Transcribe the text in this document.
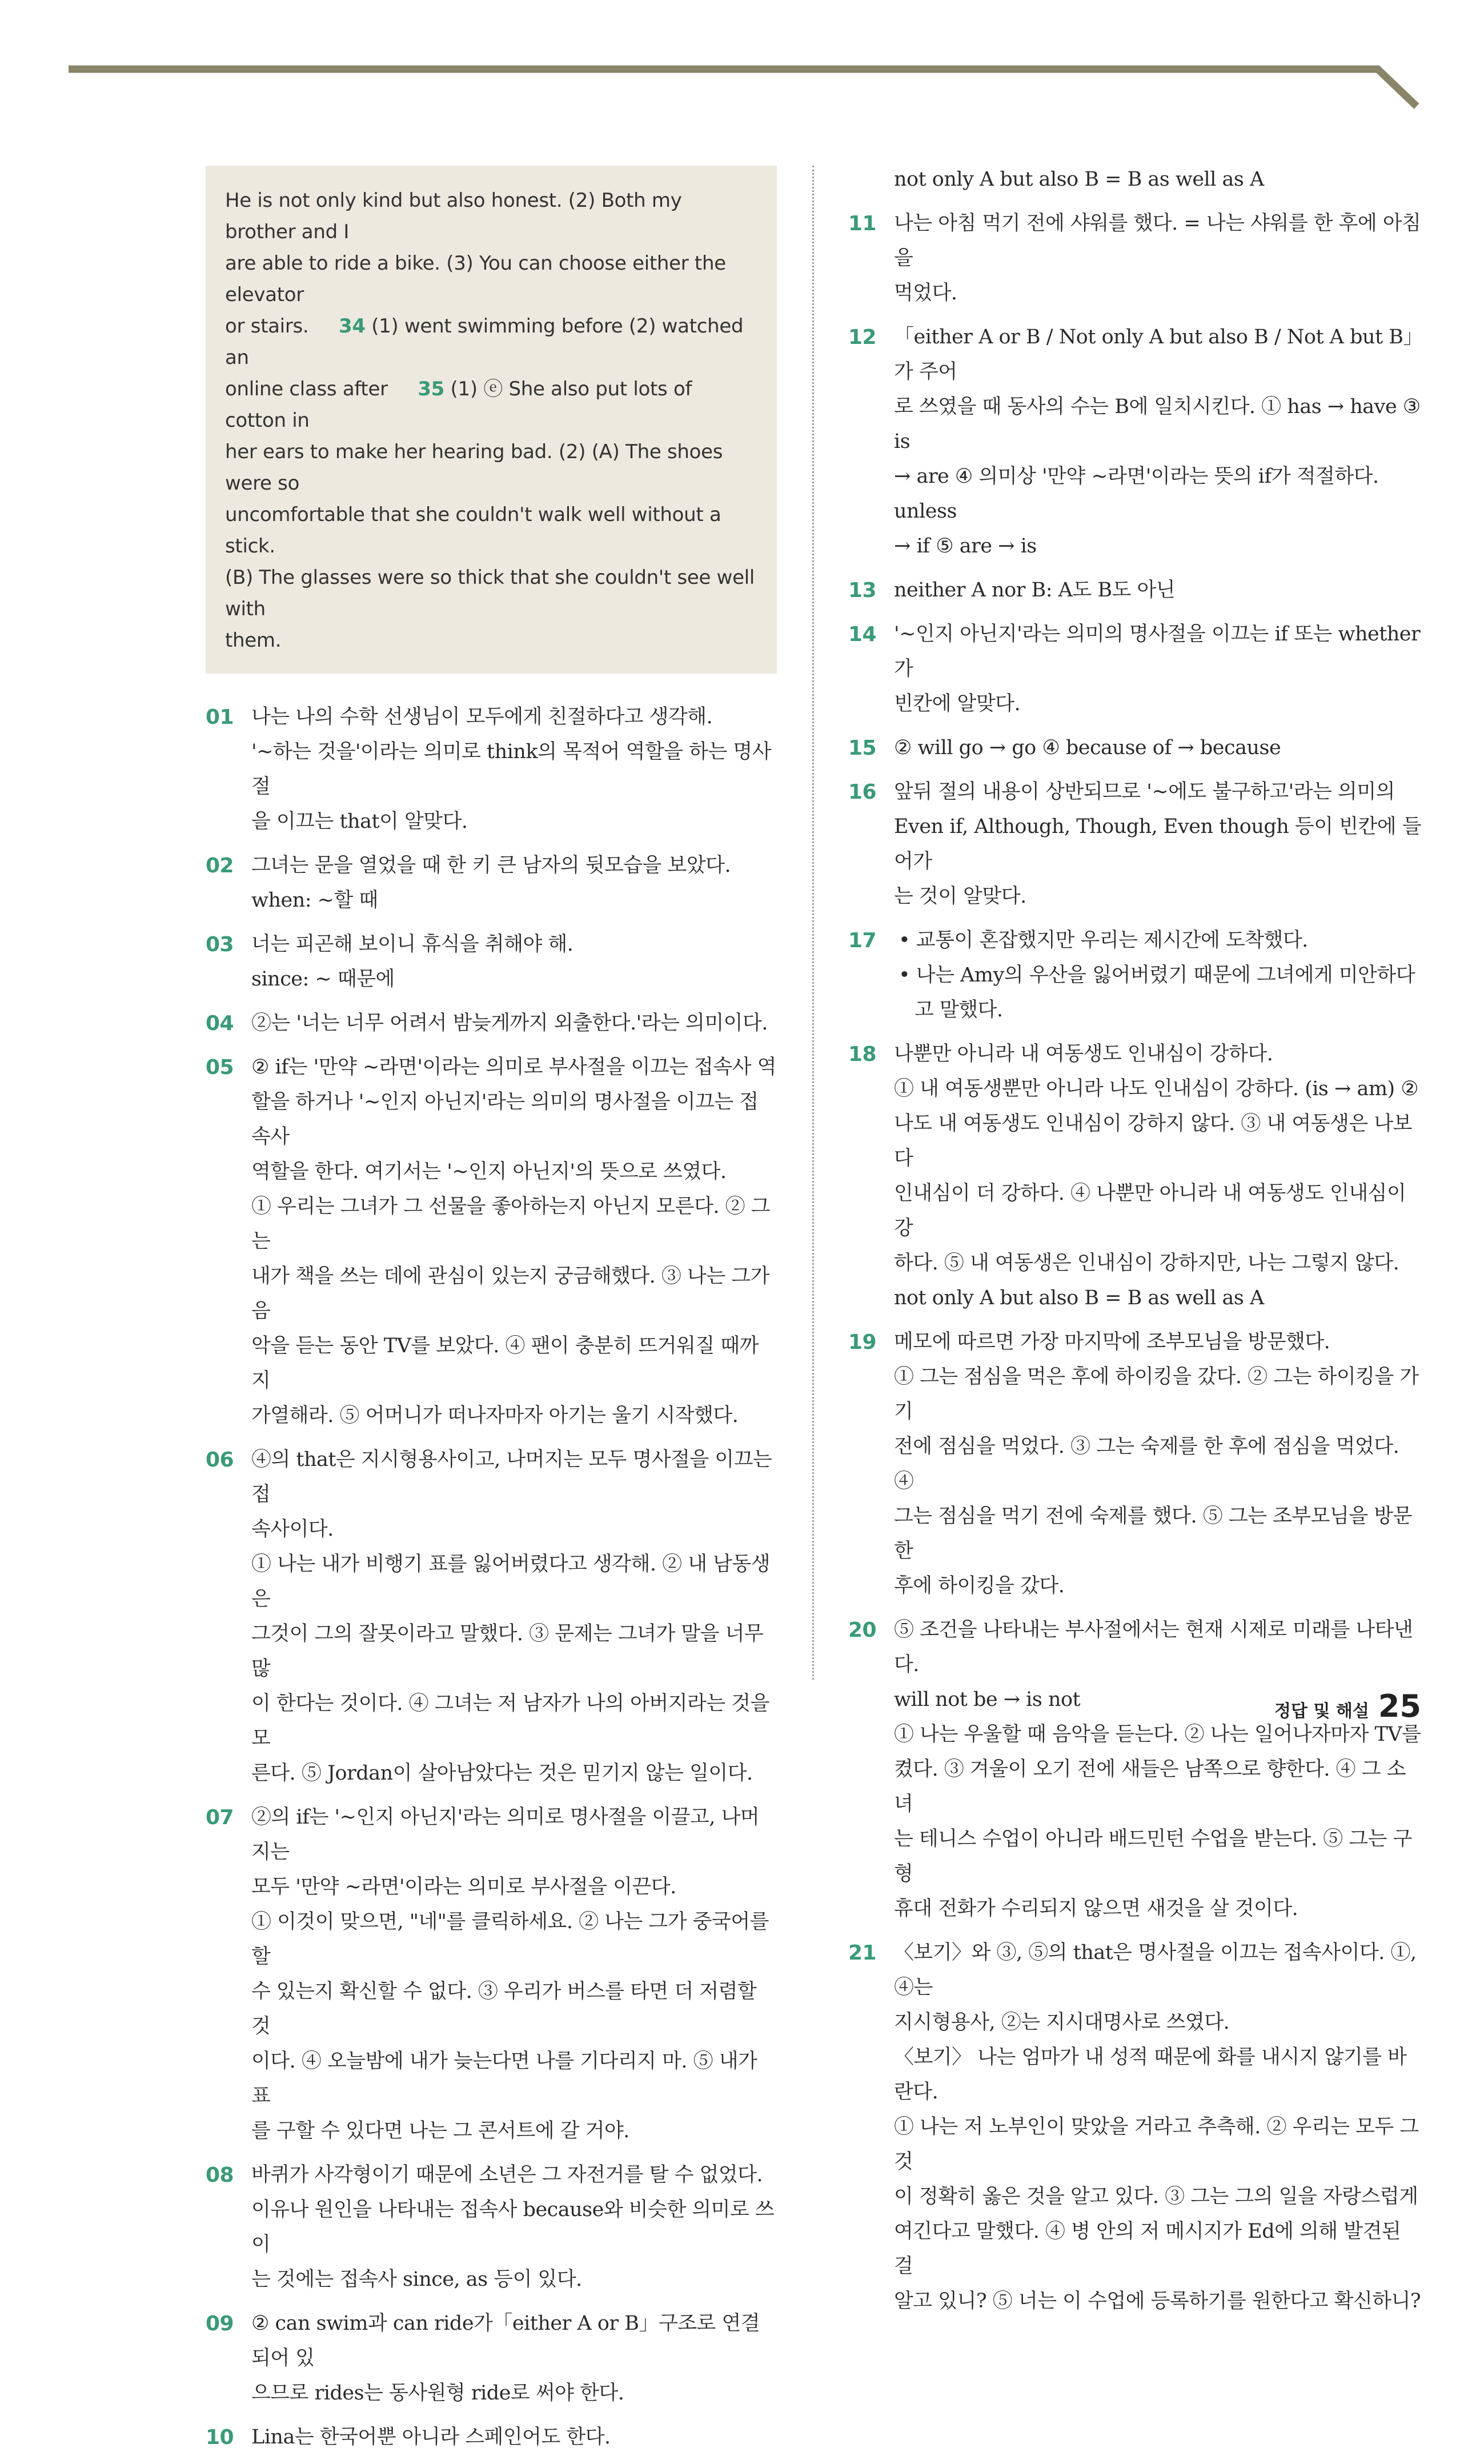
He is not only kind but also honest. (2) Both my brother and I
are able to ride a bike. (3) You can choose either the elevator
or stairs. 34 (1) went swimming before (2) watched an
online class after 35 (1) ⓔ She also put lots of cotton in
her ears to make her hearing bad. (2) (A) The shoes were so
uncomfortable that she couldn't walk well without a stick.
(B) The glasses were so thick that she couldn't see well with
them.
01 나는 나의 수학 선생님이 모두에게 친절하다고 생각해.
'~하는 것을'이라는 의미로 think의 목적어 역할을 하는 명사절
을 이끄는 that이 알맞다.
02 그녀는 문을 열었을 때 한 키 큰 남자의 뒷모습을 보았다.
when: ~할 때
03 너는 피곤해 보이니 휴식을 취해야 해.
since: ~ 때문에
04 ②는 '너는 너무 어려서 밤늦게까지 외출한다.'라는 의미이다.
05 ② if는 '만약 ~라면'이라는 의미로 부사절을 이끄는 접속사 역
할을 하거나 '~인지 아닌지'라는 의미의 명사절을 이끄는 접속사
역할을 한다. 여기서는 '~인지 아닌지'의 뜻으로 쓰였다.
① 우리는 그녀가 그 선물을 좋아하는지 아닌지 모른다. ② 그는
내가 책을 쓰는 데에 관심이 있는지 궁금해했다. ③ 나는 그가 음
악을 듣는 동안 TV를 보았다. ④ 팬이 충분히 뜨거워질 때까지
가열해라. ⑤ 어머니가 떠나자마자 아기는 울기 시작했다.
06 ④의 that은 지시형용사이고, 나머지는 모두 명사절을 이끄는 접
속사이다.
① 나는 내가 비행기 표를 잃어버렸다고 생각해. ② 내 남동생은
그것이 그의 잘못이라고 말했다. ③ 문제는 그녀가 말을 너무 많
이 한다는 것이다. ④ 그녀는 저 남자가 나의 아버지라는 것을 모
른다. ⑤ Jordan이 살아남았다는 것은 믿기지 않는 일이다.
07 ②의 if는 '~인지 아닌지'라는 의미로 명사절을 이끌고, 나머지는
모두 '만약 ~라면'이라는 의미로 부사절을 이끈다.
① 이것이 맞으면, "네"를 클릭하세요. ② 나는 그가 중국어를 할
수 있는지 확신할 수 없다. ③ 우리가 버스를 타면 더 저렴할 것
이다. ④ 오늘밤에 내가 늦는다면 나를 기다리지 마. ⑤ 내가 표
를 구할 수 있다면 나는 그 콘서트에 갈 거야.
08 바퀴가 사각형이기 때문에 소년은 그 자전거를 탈 수 없었다.
이유나 원인을 나타내는 접속사 because와 비슷한 의미로 쓰이
는 것에는 접속사 since, as 등이 있다.
09 ② can swim과 can ride가「either A or B」구조로 연결되어 있
으므로 rides는 동사원형 ride로 써야 한다.
10 Lina는 한국어뿐 아니라 스페인어도 한다.
not only A but also B = B as well as A
11 나는 아침 먹기 전에 샤워를 했다. = 나는 샤워를 한 후에 아침을
먹었다.
12 「either A or B / Not only A but also B / Not A but B」가 주어
로 쓰였을 때 동사의 수는 B에 일치시킨다. ① has → have ③ is
→ are ④ 의미상 '만약 ~라면'이라는 뜻의 if가 적절하다. unless
→ if ⑤ are → is
13 neither A nor B: A도 B도 아닌
14 '~인지 아닌지'라는 의미의 명사절을 이끄는 if 또는 whether가
빈칸에 알맞다.
15 ② will go → go ④ because of → because
16 앞뒤 절의 내용이 상반되므로 '~에도 불구하고'라는 의미의
Even if, Although, Though, Even though 등이 빈칸에 들어가
는 것이 알맞다.
17 • 교통이 혼잡했지만 우리는 제시간에 도착했다.
• 나는 Amy의 우산을 잃어버렸기 때문에 그녀에게 미안하다고 말했다.
18 나뿐만 아니라 내 여동생도 인내심이 강하다.
① 내 여동생뿐만 아니라 나도 인내심이 강하다. (is → am) ②
나도 내 여동생도 인내심이 강하지 않다. ③ 내 여동생은 나보다
인내심이 더 강하다. ④ 나뿐만 아니라 내 여동생도 인내심이 강
하다. ⑤ 내 여동생은 인내심이 강하지만, 나는 그렇지 않다.
not only A but also B = B as well as A
19 메모에 따르면 가장 마지막에 조부모님을 방문했다.
① 그는 점심을 먹은 후에 하이킹을 갔다. ② 그는 하이킹을 가기
전에 점심을 먹었다. ③ 그는 숙제를 한 후에 점심을 먹었다. ④
그는 점심을 먹기 전에 숙제를 했다. ⑤ 그는 조부모님을 방문한
후에 하이킹을 갔다.
20 ⑤ 조건을 나타내는 부사절에서는 현재 시제로 미래를 나타낸다.
will not be → is not
① 나는 우울할 때 음악을 듣는다. ② 나는 일어나자마자 TV를
켰다. ③ 겨울이 오기 전에 새들은 남쪽으로 향한다. ④ 그 소녀
는 테니스 수업이 아니라 배드민턴 수업을 받는다. ⑤ 그는 구형
휴대 전화가 수리되지 않으면 새것을 살 것이다.
21 〈보기〉와 ③, ⑤의 that은 명사절을 이끄는 접속사이다. ①, ④는
지시형용사, ②는 지시대명사로 쓰였다.
〈보기〉 나는 엄마가 내 성적 때문에 화를 내시지 않기를 바란다.
① 나는 저 노부인이 맞았을 거라고 추측해. ② 우리는 모두 그것
이 정확히 옳은 것을 알고 있다. ③ 그는 그의 일을 자랑스럽게
여긴다고 말했다. ④ 병 안의 저 메시지가 Ed에 의해 발견된 걸
알고 있니? ⑤ 너는 이 수업에 등록하기를 원한다고 확신하니?
정답 및 해설 25
